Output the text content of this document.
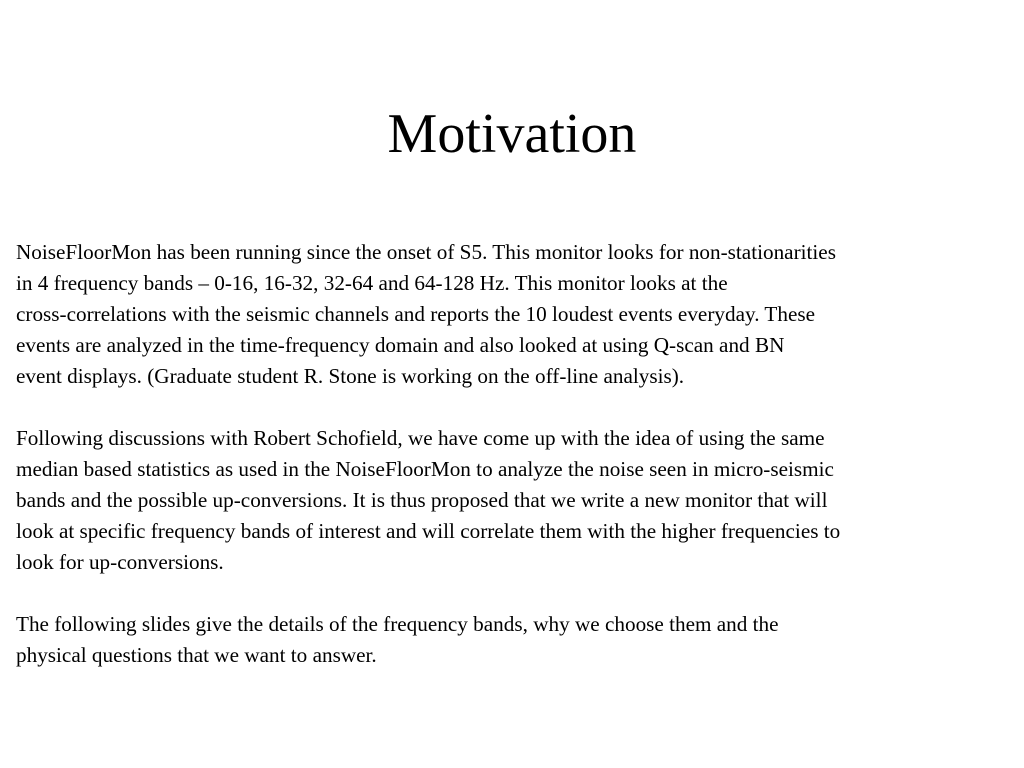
Motivation

NoiseFloorMon has been running since the onset of S5. This monitor looks for non-stationarities
in 4 frequency bands – 0-16, 16-32, 32-64 and 64-128 Hz. This monitor looks at the
cross-correlations with the seismic channels and reports the 10 loudest events everyday. These
events are analyzed in the time-frequency domain and also looked at using Q-scan and BN
event displays. (Graduate student R. Stone is working on the off-line analysis).

Following discussions with Robert Schofield, we have come up with the idea of using the same
median based statistics as used in the NoiseFloorMon to analyze the noise seen in micro-seismic
bands and the possible up-conversions. It is thus proposed that we write a new monitor that will
look at specific frequency bands of interest and will correlate them with the higher frequencies to
look for up-conversions.

The following slides give the details of the frequency bands, why we choose them and the
physical questions that we want to answer.
